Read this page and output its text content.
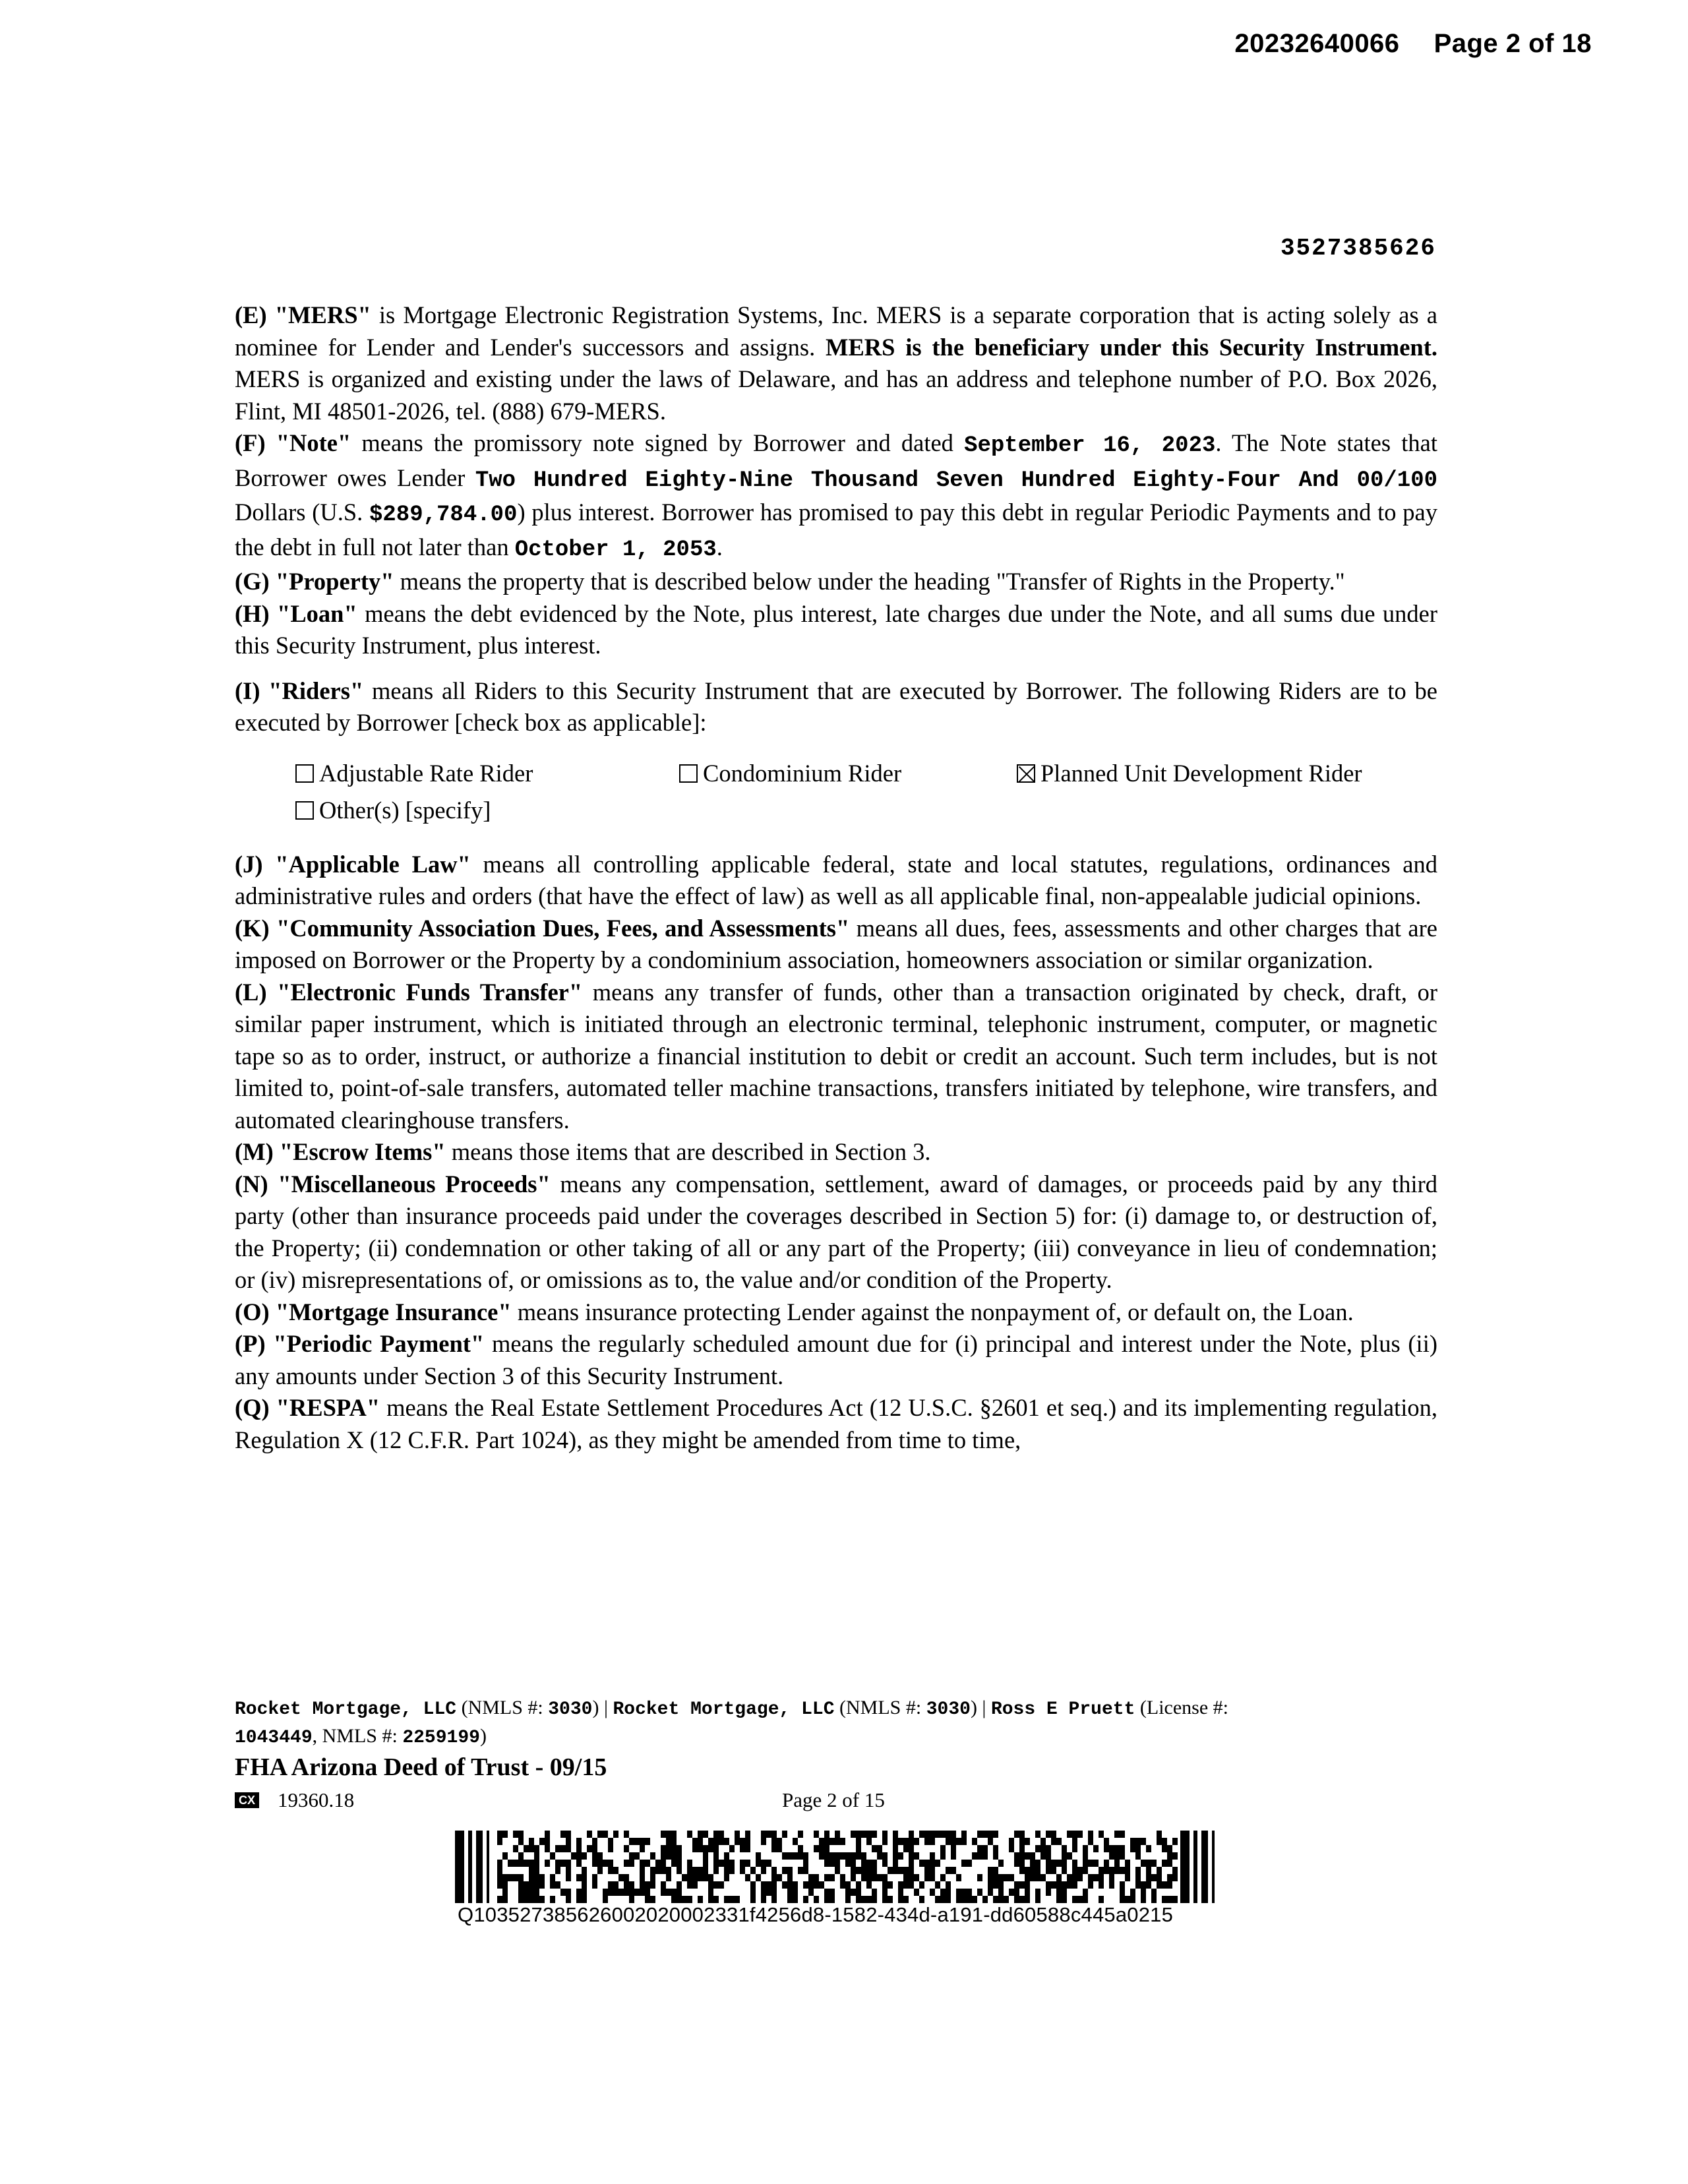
20232640066 Page 2 of 18
3527385626

(E) "MERS" is Mortgage Electronic Registration Systems, Inc. MERS is a separate corporation that is acting solely as a nominee for Lender and Lender's successors and assigns. MERS is the beneficiary under this Security Instrument. MERS is organized and existing under the laws of Delaware, and has an address and telephone number of P.O. Box 2026, Flint, MI 48501-2026, tel. (888) 679-MERS.

(F) "Note" means the promissory note signed by Borrower and dated September 16, 2023. The Note states that Borrower owes Lender Two Hundred Eighty-Nine Thousand Seven Hundred Eighty-Four And 00/100 Dollars (U.S. $289,784.00) plus interest. Borrower has promised to pay this debt in regular Periodic Payments and to pay the debt in full not later than October 1, 2053.

(G) "Property" means the property that is described below under the heading "Transfer of Rights in the Property."

(H) "Loan" means the debt evidenced by the Note, plus interest, late charges due under the Note, and all sums due under this Security Instrument, plus interest.

(I) "Riders" means all Riders to this Security Instrument that are executed by Borrower. The following Riders are to be executed by Borrower [check box as applicable]:

Adjustable Rate Rider	Condominium Rider	Planned Unit Development Rider
Other(s) [specify]

(J) "Applicable Law" means all controlling applicable federal, state and local statutes, regulations, ordinances and administrative rules and orders (that have the effect of law) as well as all applicable final, non-appealable judicial opinions.

(K) "Community Association Dues, Fees, and Assessments" means all dues, fees, assessments and other charges that are imposed on Borrower or the Property by a condominium association, homeowners association or similar organization.

(L) "Electronic Funds Transfer" means any transfer of funds, other than a transaction originated by check, draft, or similar paper instrument, which is initiated through an electronic terminal, telephonic instrument, computer, or magnetic tape so as to order, instruct, or authorize a financial institution to debit or credit an account. Such term includes, but is not limited to, point-of-sale transfers, automated teller machine transactions, transfers initiated by telephone, wire transfers, and automated clearinghouse transfers.

(M) "Escrow Items" means those items that are described in Section 3.

(N) "Miscellaneous Proceeds" means any compensation, settlement, award of damages, or proceeds paid by any third party (other than insurance proceeds paid under the coverages described in Section 5) for: (i) damage to, or destruction of, the Property; (ii) condemnation or other taking of all or any part of the Property; (iii) conveyance in lieu of condemnation; or (iv) misrepresentations of, or omissions as to, the value and/or condition of the Property.

(O) "Mortgage Insurance" means insurance protecting Lender against the nonpayment of, or default on, the Loan.

(P) "Periodic Payment" means the regularly scheduled amount due for (i) principal and interest under the Note, plus (ii) any amounts under Section 3 of this Security Instrument.

(Q) "RESPA" means the Real Estate Settlement Procedures Act (12 U.S.C. §2601 et seq.) and its implementing regulation, Regulation X (12 C.F.R. Part 1024), as they might be amended from time to time,

Rocket Mortgage, LLC (NMLS #: 3030) | Rocket Mortgage, LLC (NMLS #: 3030) | Ross E Pruett (License #:
1043449, NMLS #: 2259199)
FHA Arizona Deed of Trust - 09/15
CX 19360.18	Page 2 of 15
Q103527385626002020002331f4256d8-1582-434d-a191-dd60588c445a0215
